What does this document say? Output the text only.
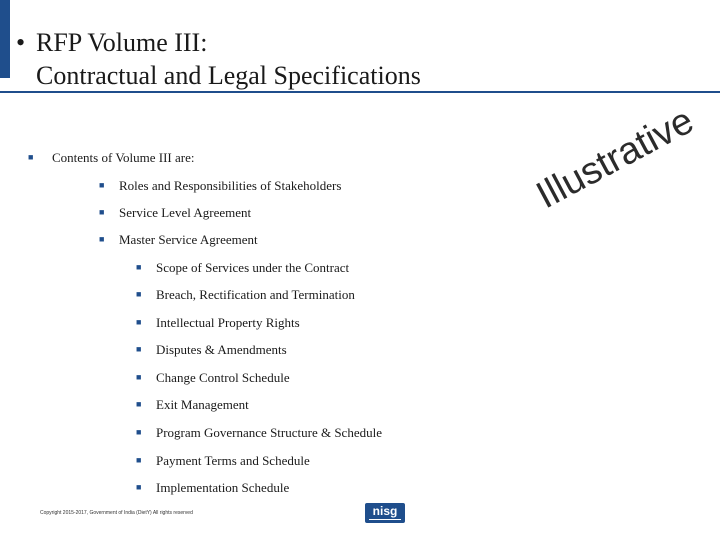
• RFP Volume III:
Contractual and Legal Specifications
■ Contents of Volume III are:
■ Roles and Responsibilities of Stakeholders
■ Service Level Agreement
■ Master Service Agreement
■ Scope of Services under the Contract
■ Breach, Rectification and Termination
■ Intellectual Property Rights
■ Disputes & Amendments
■ Change Control Schedule
■ Exit Management
■ Program Governance Structure & Schedule
■ Payment Terms and Schedule
■ Implementation Schedule
Illustrative
Copyright 2015-2017, Government of India (DietY) All rights reserved	nisg
